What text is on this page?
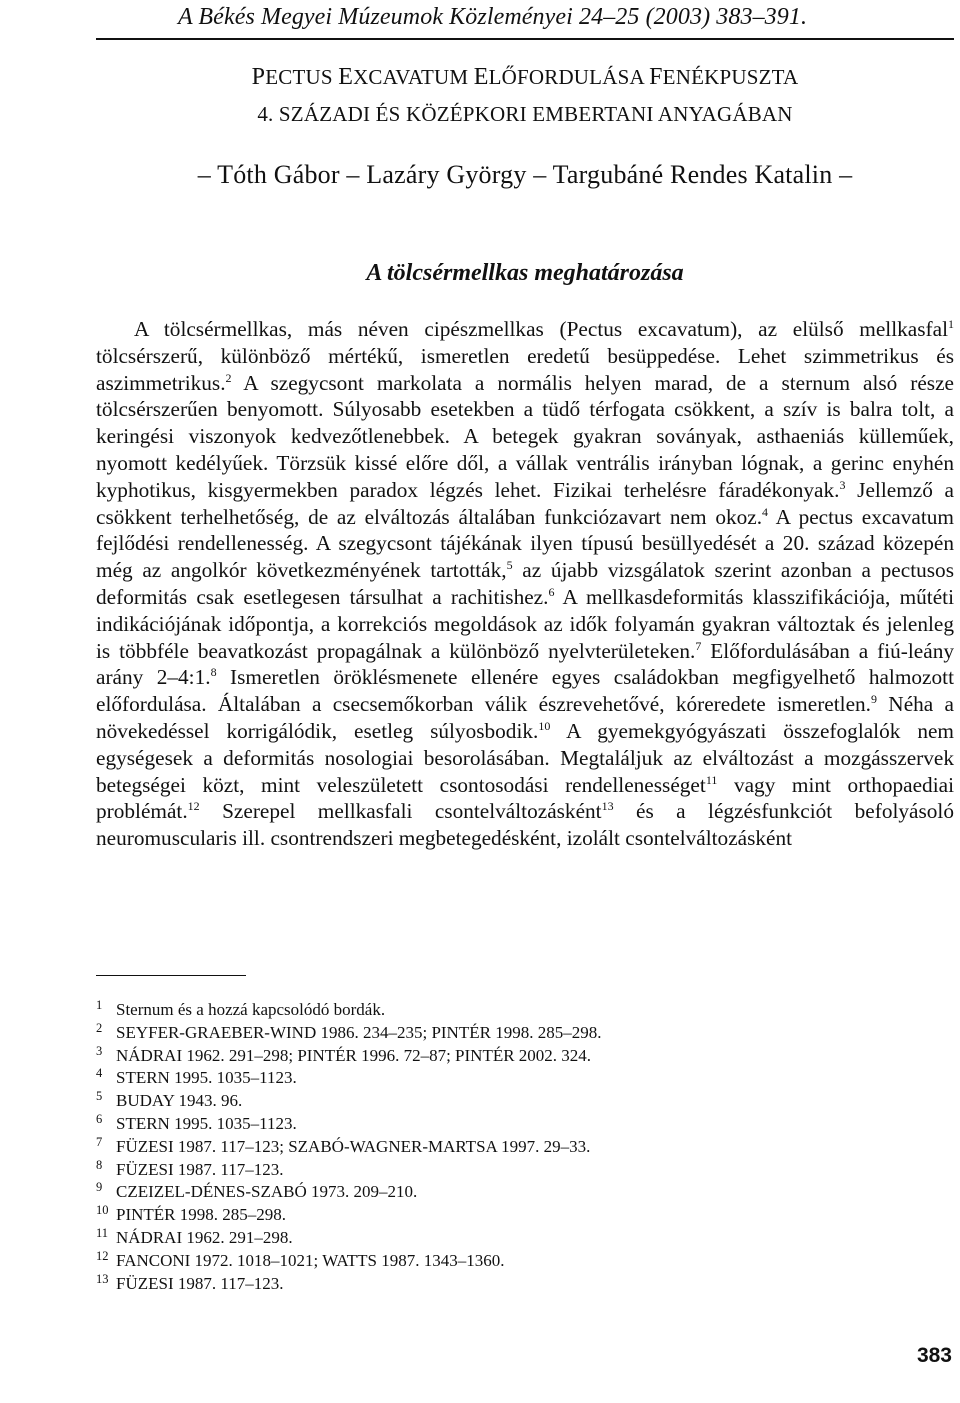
A Békés Megyei Múzeumok Közleményei 24–25 (2003) 383–391.
PECTUS EXCAVATUM ELŐFORDULÁSA FENÉKPUSZTA
4. SZÁZADI ÉS KÖZÉPKORI EMBERTANI ANYAGÁBAN
– Tóth Gábor – Lazáry György – Targubáné Rendes Katalin –
A tölcsérmellkas meghatározása

A tölcsérmellkas, más néven cipészmellkas (Pectus excavatum), az elülső mellkasfal$^1$ tölcsérszerű, különböző mértékű, ismeretlen eredetű besüppedése. Lehet szimmetrikus és aszimmetrikus.$^2$ A szegycsont markolata a normális helyen marad, de a sternum alsó része tölcsérszerűen benyomott. Súlyosabb esetekben a tüdő térfogata csökkent, a szív is balra tolt, a keringési viszonyok kedvezőtlenebbek. A betegek gyakran soványak, asthaeniás külleműek, nyomott kedélyűek. Törzsük kissé előre dől, a vállak ventrális irányban lógnak, a gerinc enyhén kyphotikus, kisgyermekben paradox légzés lehet. Fizikai terhelésre fáradékonyak.$^3$ Jellemző a csökkent terhelhetőség, de az elváltozás általában funkciózavart nem okoz.$^4$ A pectus excavatum fejlődési rendellenesség. A szegycsont tájékának ilyen típusú besüllyedését a 20. század közepén még az angolkór következményének tartották,$^5$ az újabb vizsgálatok szerint azonban a pectusos deformitás csak esetlegesen társulhat a rachitishez.$^6$ A mellkasdeformitás klasszifikációja, műtéti indikációjának időpontja, a korrekciós megoldások az idők folyamán gyakran változtak és jelenleg is többféle beavatkozást propagálnak a különböző nyelvterületeken.$^7$ Előfordulásában a fiú-leány arány 2–4:1.$^8$ Ismeretlen öröklésmenete ellenére egyes családokban megfigyelhető halmozott előfordulása. Általában a csecsemőkorban válik észrevehetővé, kóreredete ismeretlen.$^9$ Néha a növekedéssel korrigálódik, esetleg súlyosbodik.$^{10}$ A gyemekgyógyászati összefoglalók nem egységesek a deformitás nosologiai besorolásában. Megtaláljuk az elváltozást a mozgásszervek betegségei közt, mint veleszületett csontosodási rendellenességet$^{11}$ vagy mint orthopaediai problémát.$^{12}$ Szerepel mellkasfali csontelváltozásként$^{13}$ és a légzésfunkciót befolyásoló neuromuscularis ill. csontrendszeri megbetegedésként, izolált csontelváltozásként

1 Sternum és a hozzá kapcsolódó bordák.
2 SEYFER-GRAEBER-WIND 1986. 234–235; PINTÉR 1998. 285–298.
3 NÁDRAI 1962. 291–298; PINTÉR 1996. 72–87; PINTÉR 2002. 324.
4 STERN 1995. 1035–1123.
5 BUDAY 1943. 96.
6 STERN 1995. 1035–1123.
7 FÜZESI 1987. 117–123; SZABÓ-WAGNER-MARTSA 1997. 29–33.
8 FÜZESI 1987. 117–123.
9 CZEIZEL-DÉNES-SZABÓ 1973. 209–210.
10 PINTÉR 1998. 285–298.
11 NÁDRAI 1962. 291–298.
12 FANCONI 1972. 1018–1021; WATTS 1987. 1343–1360.
13 FÜZESI 1987. 117–123.
383
